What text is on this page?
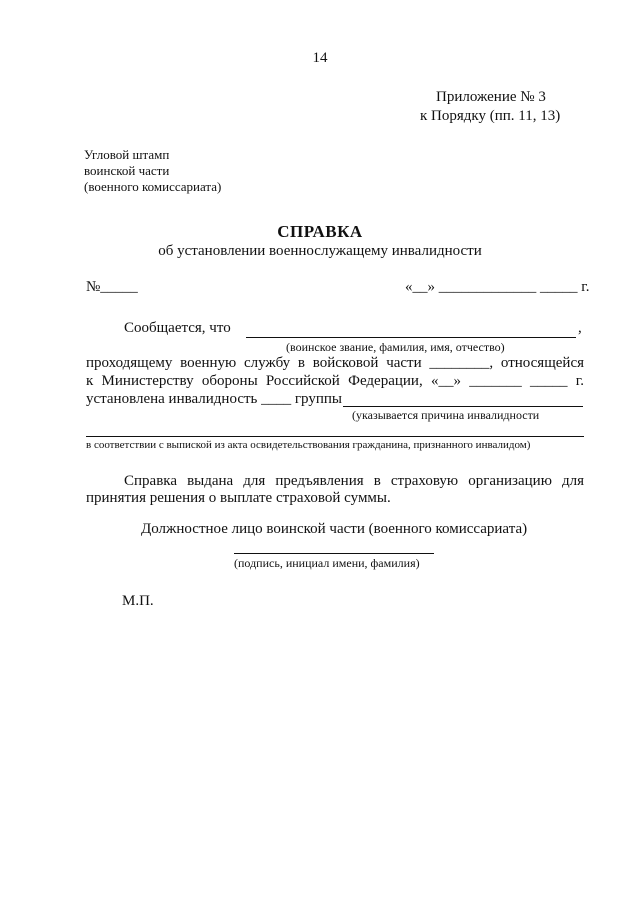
14
Приложение № 3
к Порядку (пп. 11, 13)
Угловой штамп
воинской части
(военного комиссариата)
СПРАВКА
об установлении военнослужащему инвалидности
№_____	«__» _____________ _____ г.
Сообщается, что	,
(воинское звание, фамилия, имя, отчество)
проходящему военную службу в войсковой части ________, относящейся
к Министерству обороны Российской Федерации, «__» _______ _____ г.
установлена инвалидность ____ группы
(указывается причина инвалидности
в соответствии с выпиской из акта освидетельствования гражданина, признанного инвалидом)
Справка выдана для предъявления в страховую организацию для
принятия решения о выплате страховой суммы.
Должностное лицо воинской части (военного комиссариата)
(подпись, инициал имени, фамилия)
М.П.
